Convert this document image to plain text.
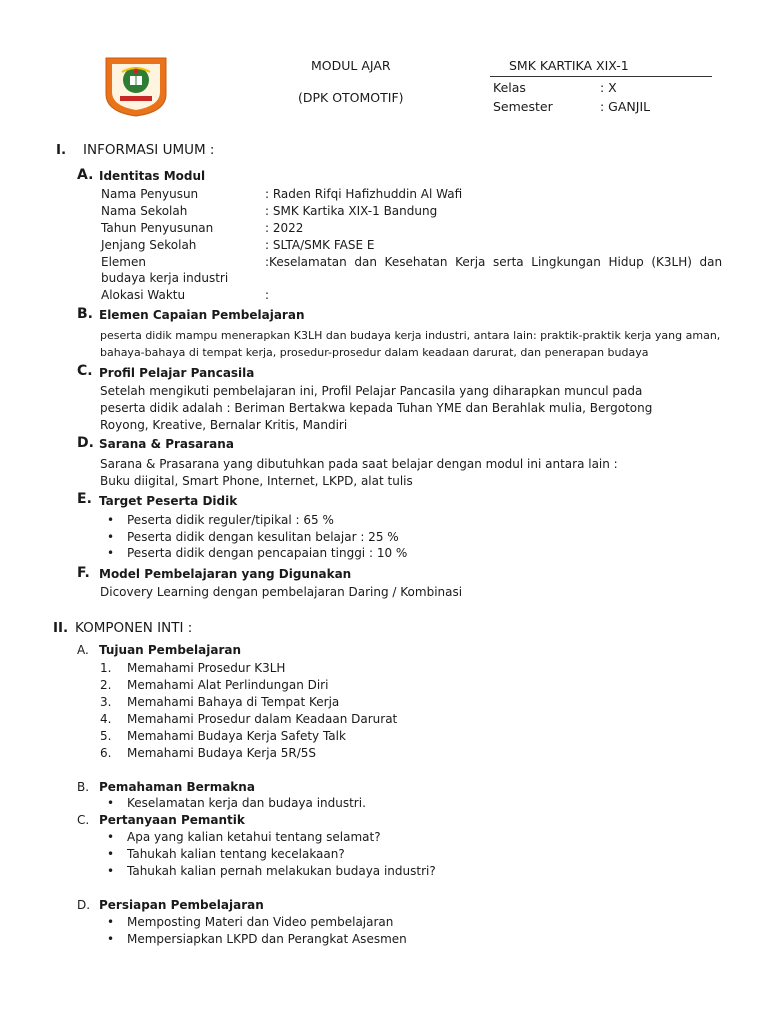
MODUL AJAR
(DPK OTOMOTIF)
SMK KARTIKA XIX-1
Kelas	: X
Semester	: GANJIL
I. INFORMASI UMUM :
A. Identitas Modul
Nama Penyusun	: Raden Rifqi Hafizhuddin Al Wafi
Nama Sekolah	: SMK Kartika XIX-1 Bandung
Tahun Penyusunan	: 2022
Jenjang Sekolah	: SLTA/SMK FASE E
Elemen	:Keselamatan  dan  Kesehatan  Kerja  serta  Lingkungan  Hidup  (K3LH)  dan
budaya kerja industri
Alokasi Waktu	:
B. Elemen Capaian Pembelajaran
peserta didik mampu menerapkan K3LH dan budaya kerja industri, antara lain: praktik-praktik kerja yang aman,
bahaya-bahaya di tempat kerja, prosedur-prosedur dalam keadaan darurat, dan penerapan budaya
C. Profil Pelajar Pancasila
Setelah mengikuti pembelajaran ini, Profil Pelajar Pancasila yang diharapkan muncul pada
peserta didik adalah : Beriman Bertakwa kepada Tuhan YME dan Berahlak mulia, Bergotong
Royong, Kreative, Bernalar Kritis, Mandiri
D. Sarana & Prasarana
Sarana & Prasarana yang dibutuhkan pada saat belajar dengan modul ini antara lain :
Buku diigital, Smart Phone, Internet, LKPD, alat tulis
E. Target Peserta Didik
• Peserta didik reguler/tipikal : 65 %
• Peserta didik dengan kesulitan belajar : 25 %
• Peserta didik dengan pencapaian tinggi : 10 %
F. Model Pembelajaran yang Digunakan
Dicovery Learning dengan pembelajaran Daring / Kombinasi
II. KOMPONEN INTI :
A. Tujuan Pembelajaran
1. Memahami Prosedur K3LH
2. Memahami Alat Perlindungan Diri
3. Memahami Bahaya di Tempat Kerja
4. Memahami Prosedur dalam Keadaan Darurat
5. Memahami Budaya Kerja Safety Talk
6. Memahami Budaya Kerja 5R/5S
B. Pemahaman Bermakna
• Keselamatan kerja dan budaya industri.
C. Pertanyaan Pemantik
• Apa yang kalian ketahui tentang selamat?
• Tahukah kalian tentang kecelakaan?
• Tahukah kalian pernah melakukan budaya industri?
D. Persiapan Pembelajaran
• Memposting Materi dan Video pembelajaran
• Mempersiapkan LKPD dan Perangkat Asesmen
